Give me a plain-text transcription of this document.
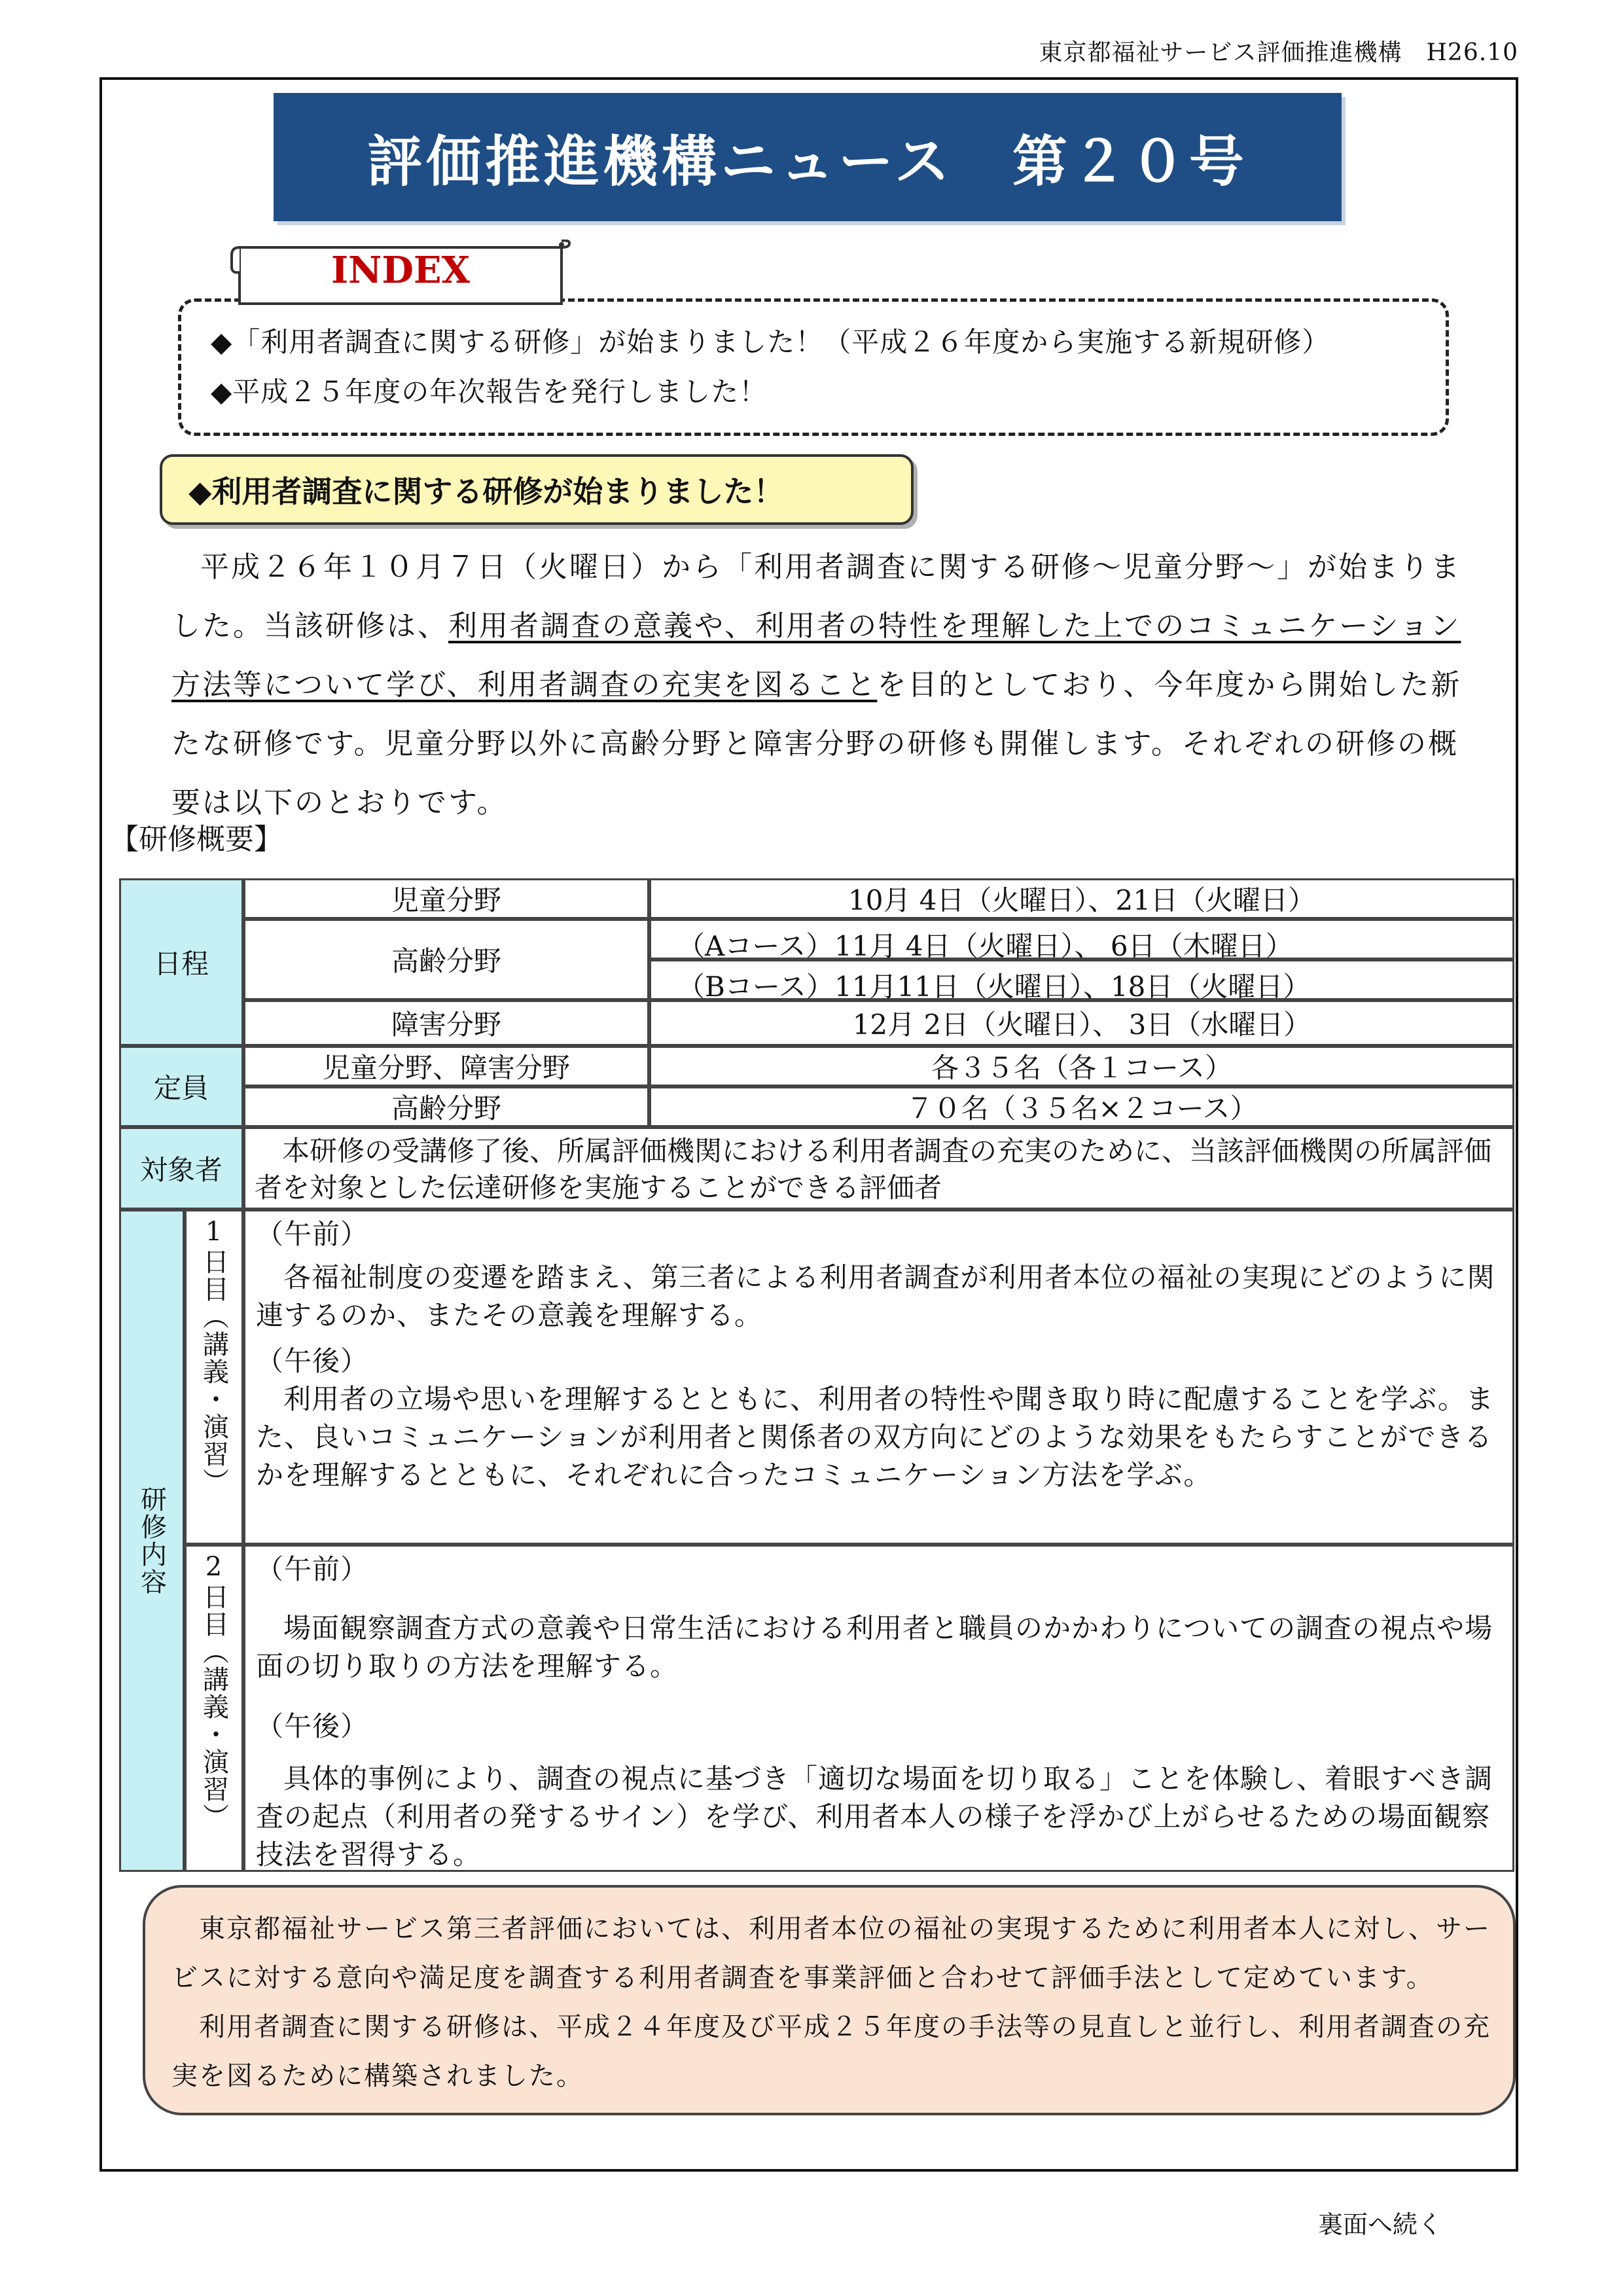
東京都福祉サービス評価推進機構　H26.10
評価推進機構ニュース　第２０号
INDEX
◆「利用者調査に関する研修」が始まりました！（平成２６年度から実施する新規研修）
◆平成２５年度の年次報告を発行しました！
◆利用者調査に関する研修が始まりました！
平成２６年１０月７日（火曜日）から「利用者調査に関する研修～児童分野～」が始まりました。当該研修は、利用者調査の意義や、利用者の特性を理解した上でのコミュニケーション方法等について学び、利用者調査の充実を図ることを目的としており、今年度から開始した新たな研修です。児童分野以外に高齢分野と障害分野の研修も開催します。それぞれの研修の概要は以下のとおりです。
【研修概要】
日程
児童分野	10月 4日（火曜日）、21日（火曜日）
高齢分野	（Aコース） 11月 4日（火曜日）、 6日（木曜日）
（Bコース） 11月11日（火曜日）、18日（火曜日）
障害分野	12月 2日（火曜日）、 3日（水曜日）
定員
児童分野、障害分野	各３５名（各１コース）
高齢分野	７０名（３５名×２コース）
対象者
本研修の受講修了後、所属評価機関における利用者調査の充実のために、当該評価機関の所属評価者を対象とした伝達研修を実施することができる評価者
研修内容
1日目（講義・演習） （午前）
各福祉制度の変遷を踏まえ、第三者による利用者調査が利用者本位の福祉の実現にどのように関連するのか、またその意義を理解する。
（午後）
利用者の立場や思いを理解するとともに、利用者の特性や聞き取り時に配慮することを学ぶ。また、良いコミュニケーションが利用者と関係者の双方向にどのような効果をもたらすことができるかを理解するとともに、それぞれに合ったコミュニケーション方法を学ぶ。
2日目（講義・演習） （午前）
場面観察調査方式の意義や日常生活における利用者と職員のかかわりについての調査の視点や場面の切り取りの方法を理解する。
（午後）
具体的事例により、調査の視点に基づき「適切な場面を切り取る」ことを体験し、着眼すべき調査の起点（利用者の発するサイン）を学び、利用者本人の様子を浮かび上がらせるための場面観察技法を習得する。
東京都福祉サービス第三者評価においては、利用者本位の福祉の実現するために利用者本人に対し、サービスに対する意向や満足度を調査する利用者調査を事業評価と合わせて評価手法として定めています。
利用者調査に関する研修は、平成２４年度及び平成２５年度の手法等の見直しと並行し、利用者調査の充実を図るために構築されました。
裏面へ続く
